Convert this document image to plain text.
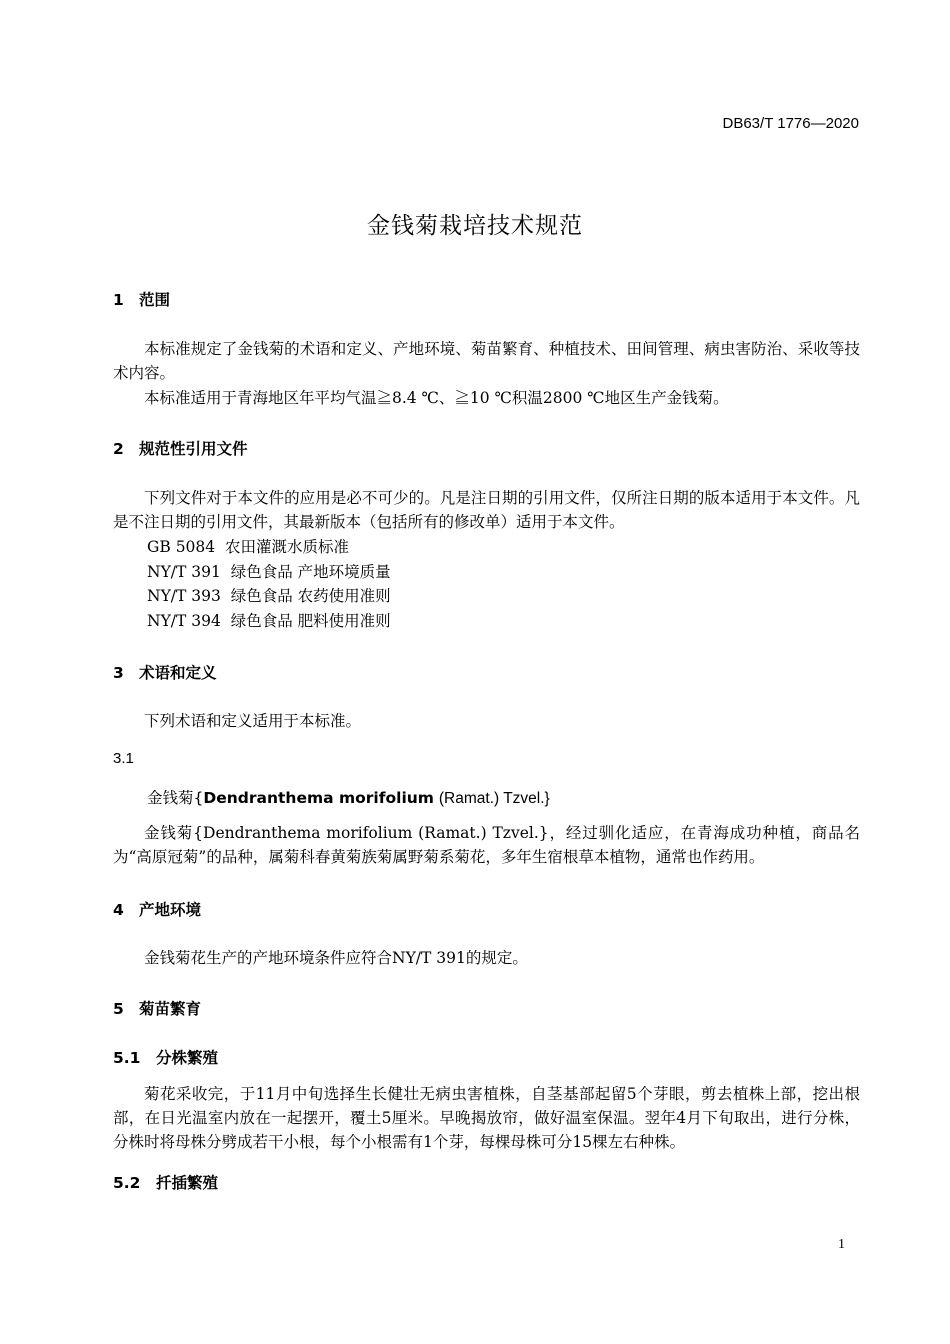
DB63/T 1776—2020
金钱菊栽培技术规范
1 范围
本标准规定了金钱菊的术语和定义、产地环境、菊苗繁育、种植技术、田间管理、病虫害防治、采收等技术内容。
本标准适用于青海地区年平均气温≧8.4 ℃、≧10 ℃积温2800 ℃地区生产金钱菊。
2 规范性引用文件
下列文件对于本文件的应用是必不可少的。凡是注日期的引用文件，仅所注日期的版本适用于本文件。凡是不注日期的引用文件，其最新版本（包括所有的修改单）适用于本文件。
GB 5084  农田灌溉水质标准
NY/T 391  绿色食品 产地环境质量
NY/T 393  绿色食品 农药使用准则
NY/T 394  绿色食品 肥料使用准则
3 术语和定义
下列术语和定义适用于本标准。
3.1
金钱菊{Dendranthema morifolium (Ramat.) Tzvel.}
金钱菊{Dendranthema morifolium (Ramat.) Tzvel.}，经过驯化适应，在青海成功种植，商品名为“高原冠菊”的品种，属菊科春黄菊族菊属野菊系菊花，多年生宿根草本植物，通常也作药用。
4 产地环境
金钱菊花生产的产地环境条件应符合NY/T 391的规定。
5 菊苗繁育
5.1 分株繁殖
菊花采收完，于11月中旬选择生长健壮无病虫害植株，自茎基部起留5个芽眼，剪去植株上部，挖出根部，在日光温室内放在一起摆开，覆土5厘米。早晚揭放帘，做好温室保温。翌年4月下旬取出，进行分株，分株时将母株分劈成若干小根，每个小根需有1个芽，每棵母株可分15棵左右种株。
5.2 扦插繁殖
1
